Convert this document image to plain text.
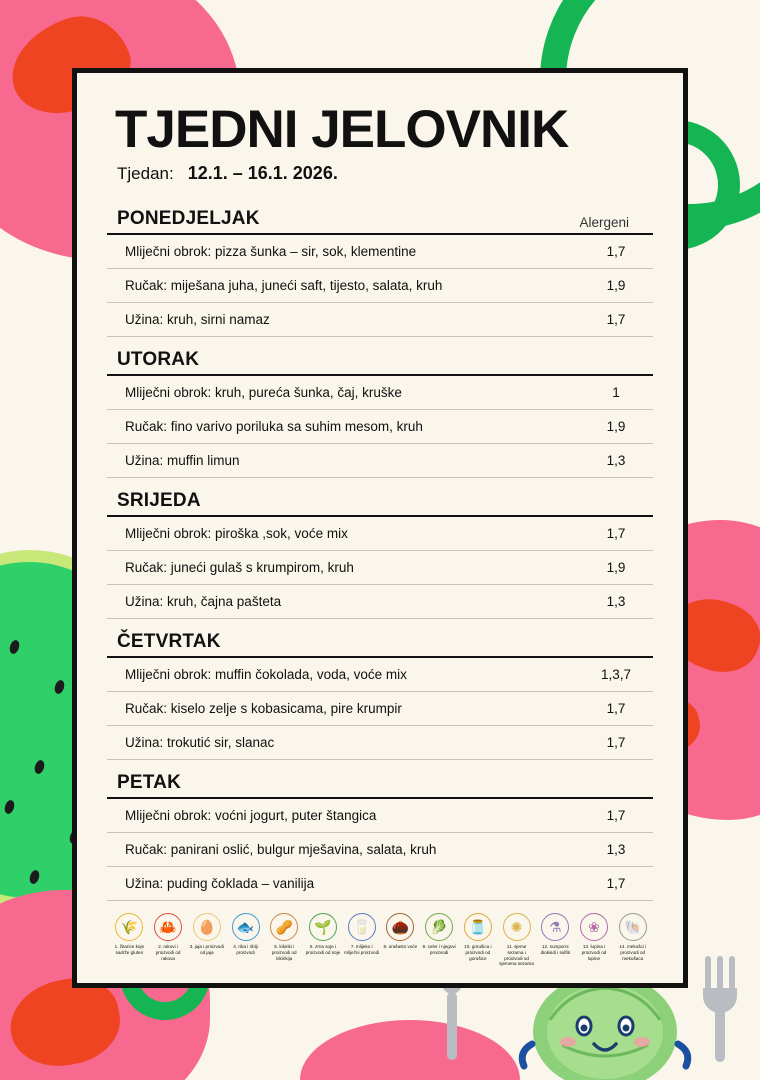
TJEDNI JELOVNIK
Tjedan: 12.1. – 16.1. 2026.
PONEDJELJAK	Alergeni
Mliječni obrok: pizza šunka – sir, sok, klementine	1,7
Ručak: miješana juha, juneći saft, tijesto, salata, kruh	1,9
Užina: kruh, sirni namaz	1,7
UTORAK
Mliječni obrok: kruh, pureća šunka, čaj, kruške	1
Ručak: fino varivo poriluka sa suhim mesom, kruh	1,9
Užina: muffin limun	1,3
SRIJEDA
Mliječni obrok: piroška ,sok, voće mix	1,7
Ručak: juneći gulaš s krumpirom, kruh	1,9
Užina: kruh, čajna pašteta	1,3
ČETVRTAK
Mliječni obrok: muffin čokolada, voda, voće mix	1,3,7
Ručak: kiselo zelje s kobasicama, pire krumpir	1,7
Užina: trokutić sir, slanac	1,7
PETAK
Mliječni obrok: voćni jogurt, puter štangica	1,7
Ručak: panirani oslić, bulgur mješavina, salata, kruh	1,3
Užina: puding čoklada – vanilija	1,7
🌾
1. žitarice koje sadrže gluten
🦀
2. rakovi i proizvodi od rakova
🥚
3. jaja i proizvodi od jaja
🐟
4. riba i riblji proizvodi
🥜
5. kikiriki i proizvodi od kikirikija
🌱
6. zrna soje i proizvodi od soje
🥛
7. mlijeko i mliječni proizvodi
🌰
8. orašasto voće
🥬
9. celer i njegovi proizvodi
🫙
10. gorušica i proizvodi od gorušice
✺
11. sjeme sezama i proizvodi od sjemena sezama
⚗
12. sumporni dioksidi i sulfiti
❀
13. lupina i proizvodi od lupine
🐚
14. mekušci i proizvodi od mekušaca
